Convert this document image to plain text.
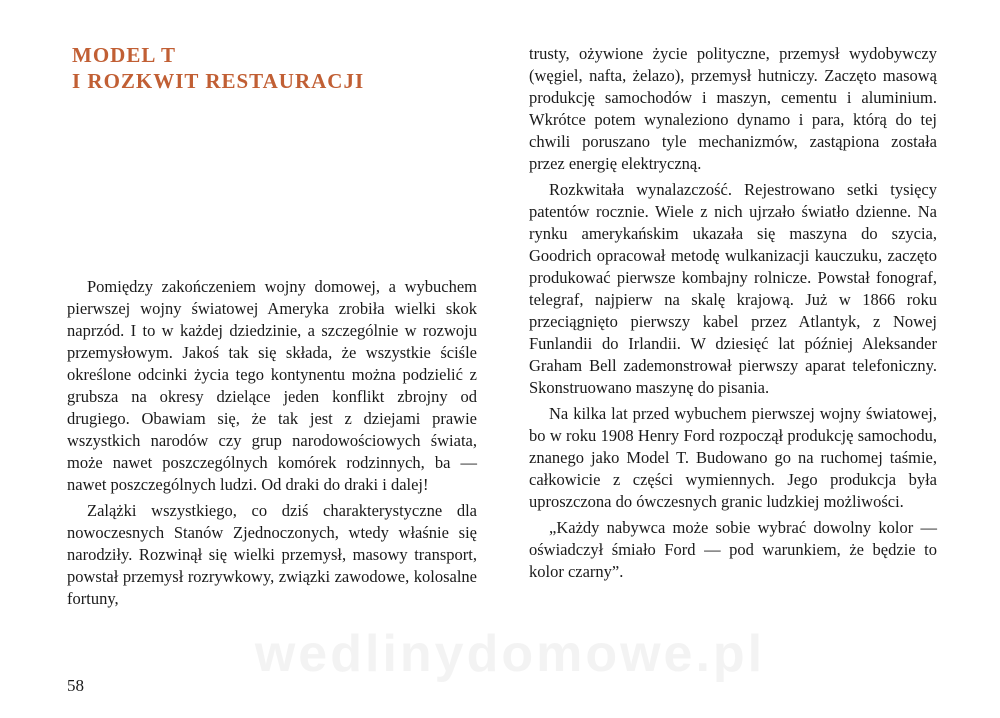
MODEL T
I ROZKWIT RESTAURACJI

Pomiędzy zakończeniem wojny domowej, a wybuchem pierwszej wojny światowej Ameryka zrobiła wielki skok naprzód. I to w każdej dziedzinie, a szczególnie w rozwoju przemysłowym. Jakoś tak się składa, że wszystkie ściśle określone odcinki życia tego kontynentu można podzielić z grubsza na okresy dzielące jeden konflikt zbrojny od drugiego. Obawiam się, że tak jest z dziejami prawie wszystkich narodów czy grup narodowościowych świata, może nawet poszczególnych komórek rodzinnych, ba — nawet poszczególnych ludzi. Od draki do draki i dalej!

Zalążki wszystkiego, co dziś charakterystyczne dla nowoczesnych Stanów Zjednoczonych, wtedy właśnie się narodziły. Rozwinął się wielki przemysł, masowy transport, powstał przemysł rozrywkowy, związki zawodowe, kolosalne fortuny,

trusty, ożywione życie polityczne, przemysł wydobywczy (węgiel, nafta, żelazo), przemysł hutniczy. Zaczęto masową produkcję samochodów i maszyn, cementu i aluminium. Wkrótce potem wynaleziono dynamo i para, którą do tej chwili poruszano tyle mechanizmów, zastąpiona została przez energię elektryczną.

Rozkwitała wynalazczość. Rejestrowano setki tysięcy patentów rocznie. Wiele z nich ujrzało światło dzienne. Na rynku amerykańskim ukazała się maszyna do szycia, Goodrich opracował metodę wulkanizacji kauczuku, zaczęto produkować pierwsze kombajny rolnicze. Powstał fonograf, telegraf, najpierw na skalę krajową. Już w 1866 roku przeciągnięto pierwszy kabel przez Atlantyk, z Nowej Funlandii do Irlandii. W dziesięć lat później Aleksander Graham Bell zademonstrował pierwszy aparat telefoniczny. Skonstruowano maszynę do pisania.

Na kilka lat przed wybuchem pierwszej wojny światowej, bo w roku 1908 Henry Ford rozpoczął produkcję samochodu, znanego jako Model T. Budowano go na ruchomej taśmie, całkowicie z części wymiennych. Jego produkcja była uproszczona do ówczesnych granic ludzkiej możliwości.

„Każdy nabywca może sobie wybrać dowolny kolor — oświadczył śmiało Ford — pod warunkiem, że będzie to kolor czarny”.

58
wedlinydomowe.pl
